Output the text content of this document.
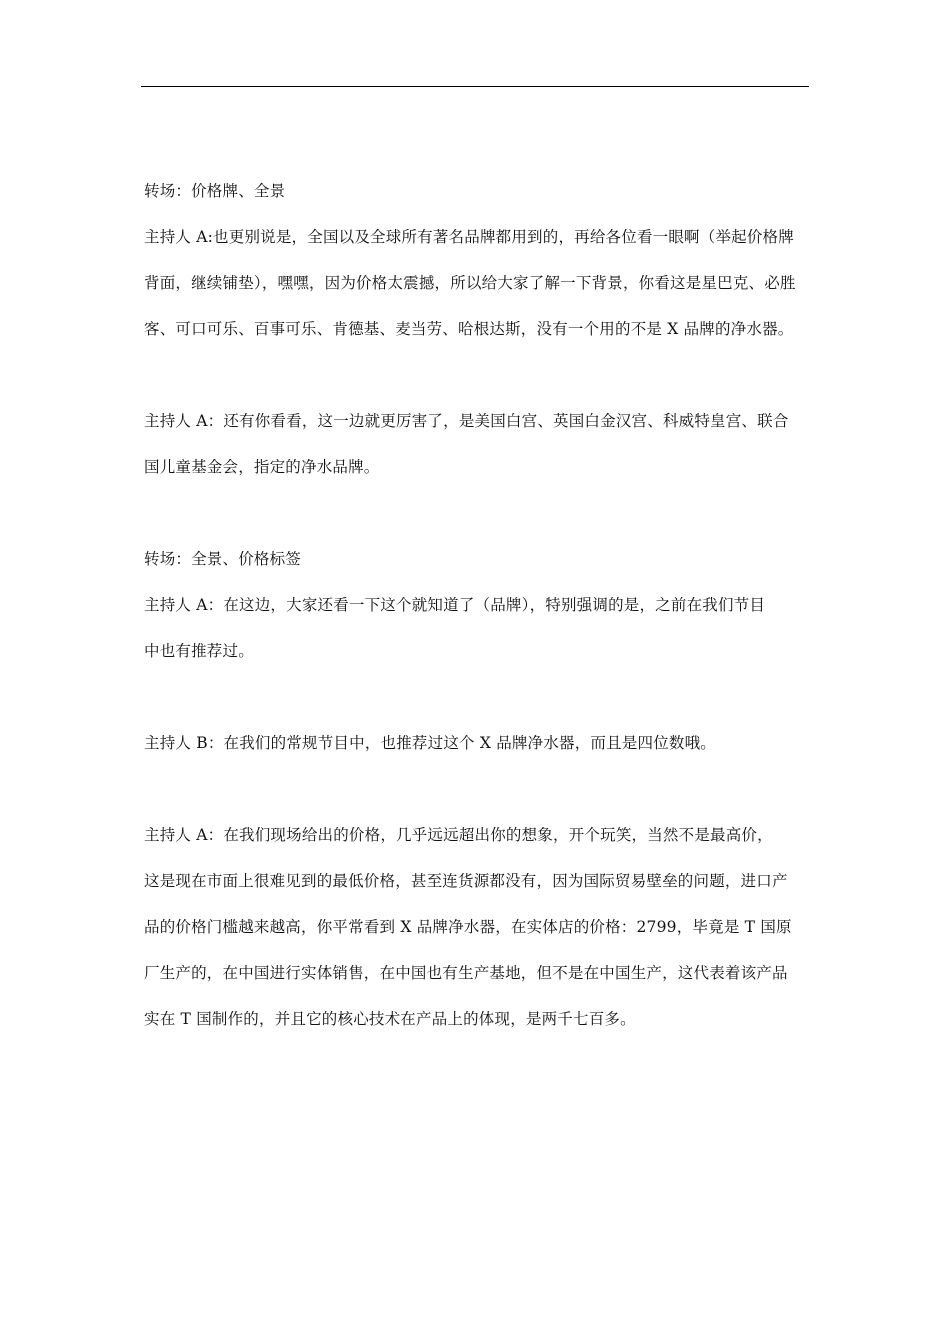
转场：价格牌、全景

主持人 A:也更别说是，全国以及全球所有著名品牌都用到的，再给各位看一眼啊（举起价格牌
背面，继续铺垫），嘿嘿，因为价格太震撼，所以给大家了解一下背景，你看这是星巴克、必胜
客、可口可乐、百事可乐、肯德基、麦当劳、哈根达斯，没有一个用的不是 X 品牌的净水器。

主持人 A：还有你看看，这一边就更厉害了，是美国白宫、英国白金汉宫、科威特皇宫、联合
国儿童基金会，指定的净水品牌。

转场：全景、价格标签

主持人 A：在这边，大家还看一下这个就知道了（品牌），特别强调的是，之前在我们节目
中也有推荐过。

主持人 B：在我们的常规节目中，也推荐过这个 X 品牌净水器，而且是四位数哦。

主持人 A：在我们现场给出的价格，几乎远远超出你的想象，开个玩笑，当然不是最高价，
这是现在市面上很难见到的最低价格，甚至连货源都没有，因为国际贸易壁垒的问题，进口产
品的价格门槛越来越高，你平常看到 X 品牌净水器，在实体店的价格：2799，毕竟是 T 国原
厂生产的，在中国进行实体销售，在中国也有生产基地，但不是在中国生产，这代表着该产品
实在 T 国制作的，并且它的核心技术在产品上的体现，是两千七百多。
